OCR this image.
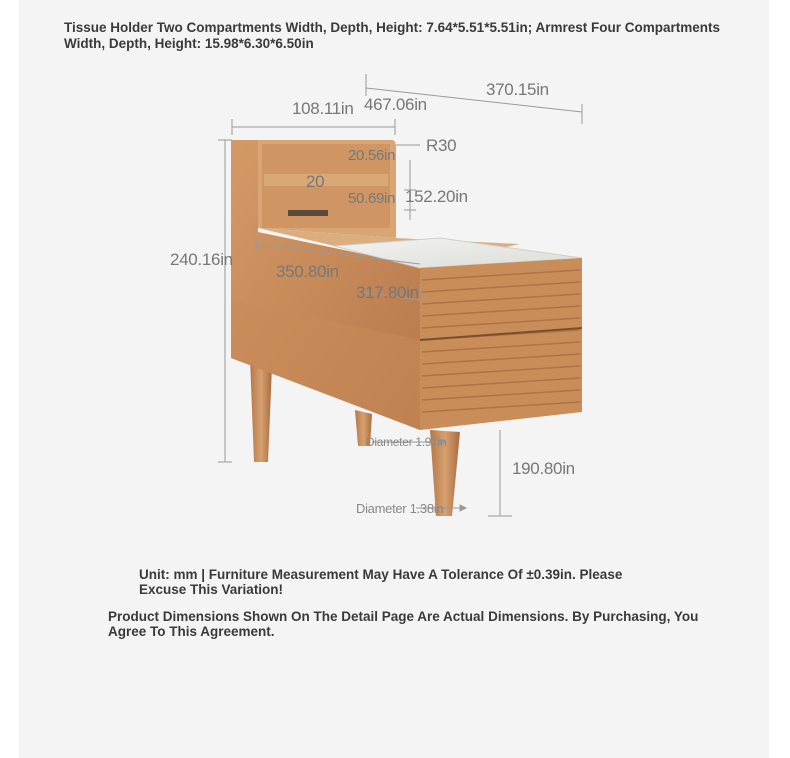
Tissue Holder Two Compartments Width, Depth, Height: 7.64*5.51*5.51in; Armrest Four Compartments Width, Depth, Height: 15.98*6.30*6.50in
108.11in 467.06in
370.15in
R30
20.56in
20
50.69in 152.20in
240.16in
350.80in
317.80in
190.80in
Diameter 1.97in
Diameter 1.38in
Unit: mm | Furniture Measurement May Have A Tolerance Of ±0.39in. Please Excuse This Variation!
Product Dimensions Shown On The Detail Page Are Actual Dimensions. By Purchasing, You Agree To This Agreement.
